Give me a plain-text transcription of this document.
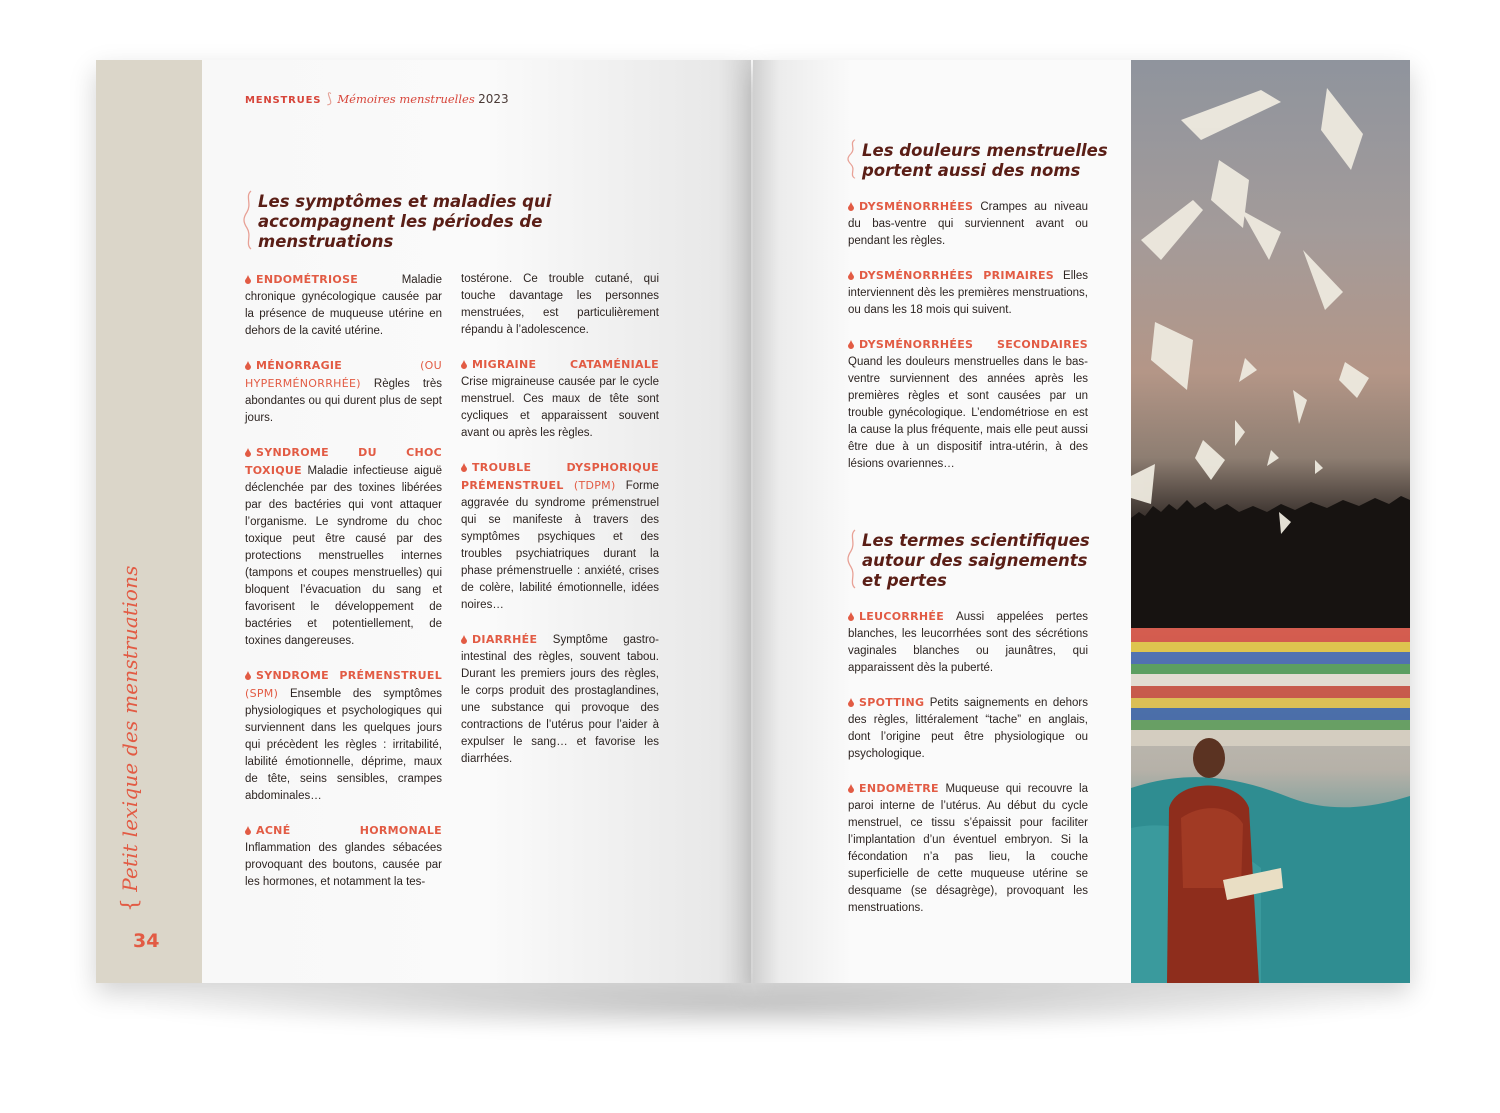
{Petit lexique des menstruations
34
MENSTRUES ⟆ Mémoires menstruelles 2023
Les symptômes et maladies qui
accompagnent les périodes de
menstruations

ENDOMÉTRIOSE	Maladie chronique gynécologique causée par la présence de muqueuse utérine en dehors de la cavité utérine.

MÉNORRAGIE	(OU HYPERMÉNORRHÉE) Règles très abondantes ou qui durent plus de sept jours.

SYNDROME DU CHOC TOXIQUE Maladie infectieuse aiguë déclenchée par des toxines libérées par des bactéries qui vont attaquer l’organisme. Le syndrome du choc toxique peut être causé par des protections menstruelles internes (tampons et coupes menstruelles) qui bloquent l’évacuation du sang et favorisent le développement de bactéries et potentiellement, de toxines dangereuses.

SYNDROME PRÉMENSTRUEL (SPM) Ensemble des symptômes physiologiques et psychologiques qui surviennent dans les quelques jours qui précèdent les règles : irritabilité, labilité émotionnelle, déprime, maux de tête, seins sensibles, crampes abdominales…

ACNÉ HORMONALE Inflammation des glandes sébacées provoquant des boutons, causée par les hormones, et notamment la tes-

tostérone. Ce trouble cutané, qui touche davantage les personnes menstruées, est particulièrement répandu à l’adolescence.

MIGRAINE CATAMÉNIALE Crise migraineuse causée par le cycle menstruel. Ces maux de tête sont cycliques et apparaissent souvent avant ou après les règles.

TROUBLE DYSPHORIQUE PRÉMENSTRUEL (TDPM) Forme aggravée du syndrome prémenstruel qui se manifeste à travers des symptômes psychiques et des troubles psychiatriques durant la phase prémenstruelle : anxiété, crises de colère, labilité émotionnelle, idées noires…

DIARRHÉE Symptôme gastro-intestinal des règles, souvent tabou. Durant les premiers jours des règles, le corps produit des prostaglandines, une substance qui provoque des contractions de l’utérus pour l’aider à expulser le sang… et favorise les diarrhées.

Les douleurs menstruelles
portent aussi des noms

DYSMÉNORRHÉES Crampes au niveau du bas-ventre qui surviennent avant ou pendant les règles.

DYSMÉNORRHÉES PRIMAIRES Elles interviennent dès les premières menstruations, ou dans les 18 mois qui suivent.

DYSMÉNORRHÉES SECONDAIRES Quand les douleurs menstruelles dans le bas-ventre surviennent des années après les premières règles et sont causées par un trouble gynécologique. L’endométriose en est la cause la plus fréquente, mais elle peut aussi être due à un dispositif intra-utérin, à des lésions ovariennes…

Les termes scientifiques
autour des saignements
et pertes

LEUCORRHÉE Aussi appelées pertes blanches, les leucorrhées sont des sécrétions vaginales blanches ou jaunâtres, qui apparaissent dès la puberté.

SPOTTING Petits saignements en dehors des règles, littéralement “tache” en anglais, dont l’origine peut être physiologique ou psychologique.

ENDOMÈTRE Muqueuse qui recouvre la paroi interne de l’utérus. Au début du cycle menstruel, ce tissu s’épaissit pour faciliter l’implantation d’un éventuel embryon. Si la fécondation n’a pas lieu, la couche superficielle de cette muqueuse utérine se desquame (se désagrège), provoquant les menstruations.
